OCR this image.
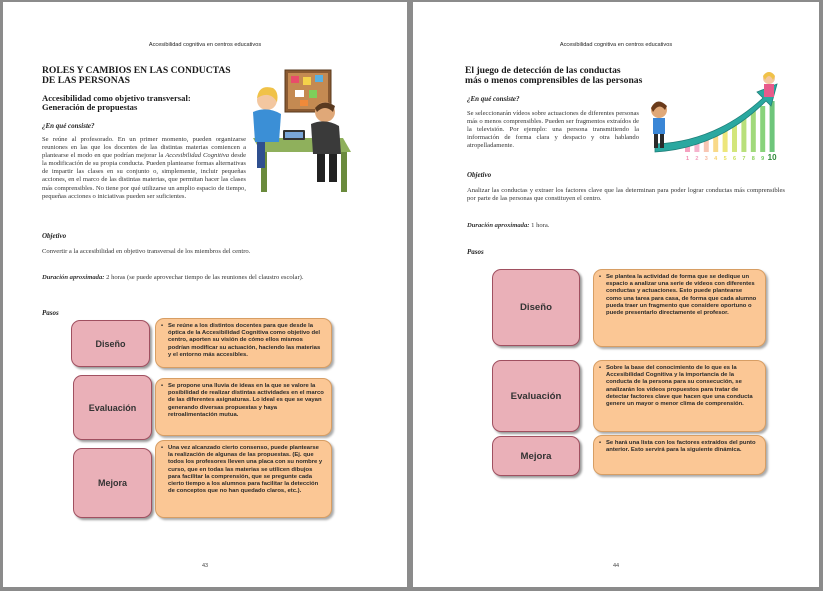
Accesibilidad cognitiva en centros educativos
ROLES Y CAMBIOS EN LAS CONDUCTAS
DE LAS PERSONAS
Accesibilidad como objetivo transversal:
Generación de propuestas
¿En qué consiste?
Se reúne al profesorado. En un primer momento, pueden organizarse reuniones en las que los docentes de las distintas materias comiencen a plantearse el modo en que podrían mejorar la Accesibilidad Cognitiva desde la modificación de su propia conducta. Pueden plantearse formas alternativas de impartir las clases en su conjunto o, simplemente, incluir pequeñas acciones, en el marco de las distintas materias, que permitan hacer las clases más comprensibles. No tiene por qué utilizarse un amplio espacio de tiempo, pequeñas acciones o iniciativas pueden ser suficientes.
Objetivo
Convertir a la accesibilidad en objetivo transversal de los miembros del centro.
Duración aproximada: 2 horas (se puede aprovechar tiempo de las reuniones del claustro escolar).
Pasos
Diseño
• Se reúne a los distintos docentes para que desde la óptica de la Accesibilidad Cognitiva como objetivo del centro, aporten su visión de cómo ellos mismos podrían modificar su actuación, haciendo las materias y el entorno más accesibles.
Evaluación
• Se propone una lluvia de ideas en la que se valore la posibilidad de realizar distintas actividades en el marco de las diferentes asignaturas. Lo ideal es que se vayan generando diversas propuestas y haya retroalimentación mutua.
Mejora
• Una vez alcanzado cierto consenso, puede plantearse la realización de algunas de las propuestas. (Ej. que todos los profesores lleven una placa con su nombre y curso, que en todas las materias se utilicen dibujos para facilitar la comprensión, que se pregunte cada cierto tiempo a los alumnos para facilitar la detección de conceptos que no han quedado claros, etc.).
43
Accesibilidad cognitiva en centros educativos
El juego de detección de las conductas
más o menos comprensibles de las personas
¿En qué consiste?
Se seleccionarán vídeos sobre actuaciones de diferentes personas más o menos comprensibles. Pueden ser fragmentos extraídos de la televisión. Por ejemplo: una persona transmitiendo la información de forma clara y despacio y otra hablando atropelladamente.
1 2 3 4 5 6 7 8 9 10
Objetivo
Analizar las conductas y extraer los factores clave que las determinan para poder lograr conductas más comprensibles por parte de las personas que constituyen el centro.
Duración aproximada: 1 hora.
Pasos
Diseño
• Se plantea la actividad de forma que se dedique un espacio a analizar una serie de vídeos con diferentes conductas y actuaciones. Esto puede plantearse como una tarea para casa, de forma que cada alumno pueda traer un fragmento que considere oportuno o puede presentarlo directamente el profesor.
Evaluación
• Sobre la base del conocimiento de lo que es la Accesibilidad Cognitiva y la importancia de la conducta de la persona para su consecución, se analizarán los vídeos propuestos para tratar de detectar factores clave que hacen que una conducta genere un mayor o menor clima de comprensión.
Mejora
• Se hará una lista con los factores extraídos del punto anterior. Esto servirá para la siguiente dinámica.
44
